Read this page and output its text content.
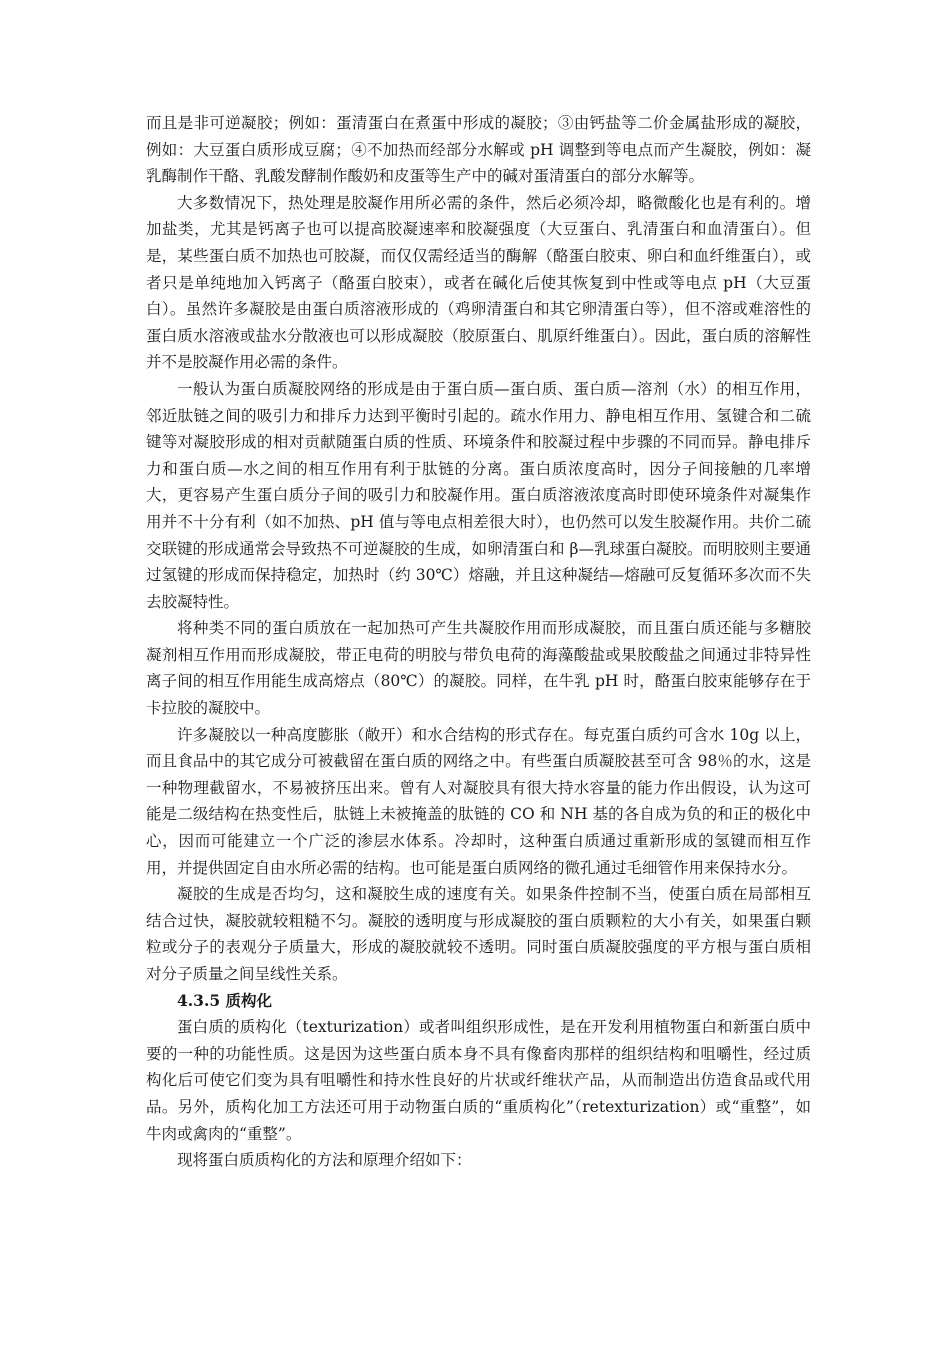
而且是非可逆凝胶；例如：蛋清蛋白在煮蛋中形成的凝胶；③由钙盐等二价金属盐形成的凝胶，例如：大豆蛋白质形成豆腐；④不加热而经部分水解或 pH 调整到等电点而产生凝胶，例如：凝乳酶制作干酪、乳酸发酵制作酸奶和皮蛋等生产中的碱对蛋清蛋白的部分水解等。

大多数情况下，热处理是胶凝作用所必需的条件，然后必须冷却，略微酸化也是有利的。增加盐类，尤其是钙离子也可以提高胶凝速率和胶凝强度（大豆蛋白、乳清蛋白和血清蛋白）。但是，某些蛋白质不加热也可胶凝，而仅仅需经适当的酶解（酪蛋白胶束、卵白和血纤维蛋白），或者只是单纯地加入钙离子（酪蛋白胶束），或者在碱化后使其恢复到中性或等电点 pH（大豆蛋白）。虽然许多凝胶是由蛋白质溶液形成的（鸡卵清蛋白和其它卵清蛋白等），但不溶或难溶性的蛋白质水溶液或盐水分散液也可以形成凝胶（胶原蛋白、肌原纤维蛋白）。因此，蛋白质的溶解性并不是胶凝作用必需的条件。

一般认为蛋白质凝胶网络的形成是由于蛋白质—蛋白质、蛋白质—溶剂（水）的相互作用，邻近肽链之间的吸引力和排斥力达到平衡时引起的。疏水作用力、静电相互作用、氢键合和二硫键等对凝胶形成的相对贡献随蛋白质的性质、环境条件和胶凝过程中步骤的不同而异。静电排斥力和蛋白质—水之间的相互作用有利于肽链的分离。蛋白质浓度高时，因分子间接触的几率增大，更容易产生蛋白质分子间的吸引力和胶凝作用。蛋白质溶液浓度高时即使环境条件对凝集作用并不十分有利（如不加热、pH 值与等电点相差很大时），也仍然可以发生胶凝作用。共价二硫交联键的形成通常会导致热不可逆凝胶的生成，如卵清蛋白和 β—乳球蛋白凝胶。而明胶则主要通过氢键的形成而保持稳定，加热时（约 30℃）熔融，并且这种凝结—熔融可反复循环多次而不失去胶凝特性。

将种类不同的蛋白质放在一起加热可产生共凝胶作用而形成凝胶，而且蛋白质还能与多糖胶凝剂相互作用而形成凝胶，带正电荷的明胶与带负电荷的海藻酸盐或果胶酸盐之间通过非特异性离子间的相互作用能生成高熔点（80℃）的凝胶。同样，在牛乳 pH 时，酪蛋白胶束能够存在于卡拉胶的凝胶中。

许多凝胶以一种高度膨胀（敞开）和水合结构的形式存在。每克蛋白质约可含水 10g 以上，而且食品中的其它成分可被截留在蛋白质的网络之中。有些蛋白质凝胶甚至可含 98％的水，这是一种物理截留水，不易被挤压出来。曾有人对凝胶具有很大持水容量的能力作出假设，认为这可能是二级结构在热变性后，肽链上未被掩盖的肽链的 CO 和 NH 基的各自成为负的和正的极化中心，因而可能建立一个广泛的渗层水体系。冷却时，这种蛋白质通过重新形成的氢键而相互作用，并提供固定自由水所必需的结构。也可能是蛋白质网络的微孔通过毛细管作用来保持水分。

凝胶的生成是否均匀，这和凝胶生成的速度有关。如果条件控制不当，使蛋白质在局部相互结合过快，凝胶就较粗糙不匀。凝胶的透明度与形成凝胶的蛋白质颗粒的大小有关，如果蛋白颗粒或分子的表观分子质量大，形成的凝胶就较不透明。同时蛋白质凝胶强度的平方根与蛋白质相对分子质量之间呈线性关系。

4.3.5 质构化

蛋白质的质构化（texturization）或者叫组织形成性，是在开发利用植物蛋白和新蛋白质中要的一种的功能性质。这是因为这些蛋白质本身不具有像畜肉那样的组织结构和咀嚼性，经过质构化后可使它们变为具有咀嚼性和持水性良好的片状或纤维状产品，从而制造出仿造食品或代用品。另外，质构化加工方法还可用于动物蛋白质的“重质构化”（retexturization）或“重整”，如牛肉或禽肉的“重整”。

现将蛋白质质构化的方法和原理介绍如下：
